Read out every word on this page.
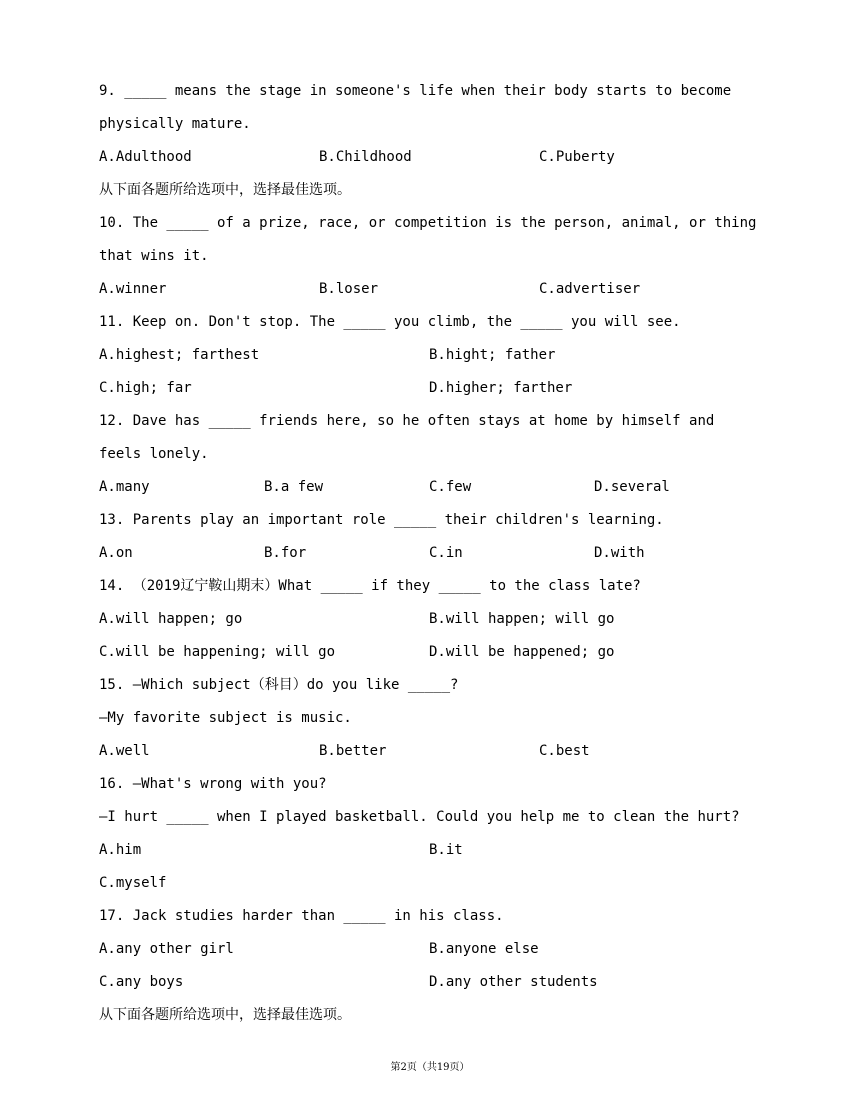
9. _____ means the stage in someone's life when their body starts to become
physically mature.
A.Adulthood	B.Childhood	C.Puberty
从下面各题所给选项中，选择最佳选项。
10. The _____ of a prize, race, or competition is the person, animal, or thing
that wins it.
A.winner	B.loser	C.advertiser
11. Keep on. Don't stop. The _____ you climb, the _____ you will see.
A.highest; farthest	B.hight; father
C.high; far	D.higher; farther
12. Dave has _____ friends here, so he often stays at home by himself and
feels lonely.
A.many	B.a few	C.few	D.several
13. Parents play an important role _____ their children's learning.
A.on	B.for	C.in	D.with
14. （2019辽宁鞍山期末）What _____ if they _____ to the class late?
A.will happen; go	B.will happen; will go
C.will be happening; will go	D.will be happened; go
15. —Which subject（科目）do you like _____?
—My favorite subject is music.
A.well	B.better	C.best
16. —What's wrong with you?
—I hurt _____ when I played basketball. Could you help me to clean the hurt?
A.him	B.it
C.myself
17. Jack studies harder than _____ in his class.
A.any other girl	B.anyone else
C.any boys	D.any other students
从下面各题所给选项中，选择最佳选项。
第2页（共19页）
